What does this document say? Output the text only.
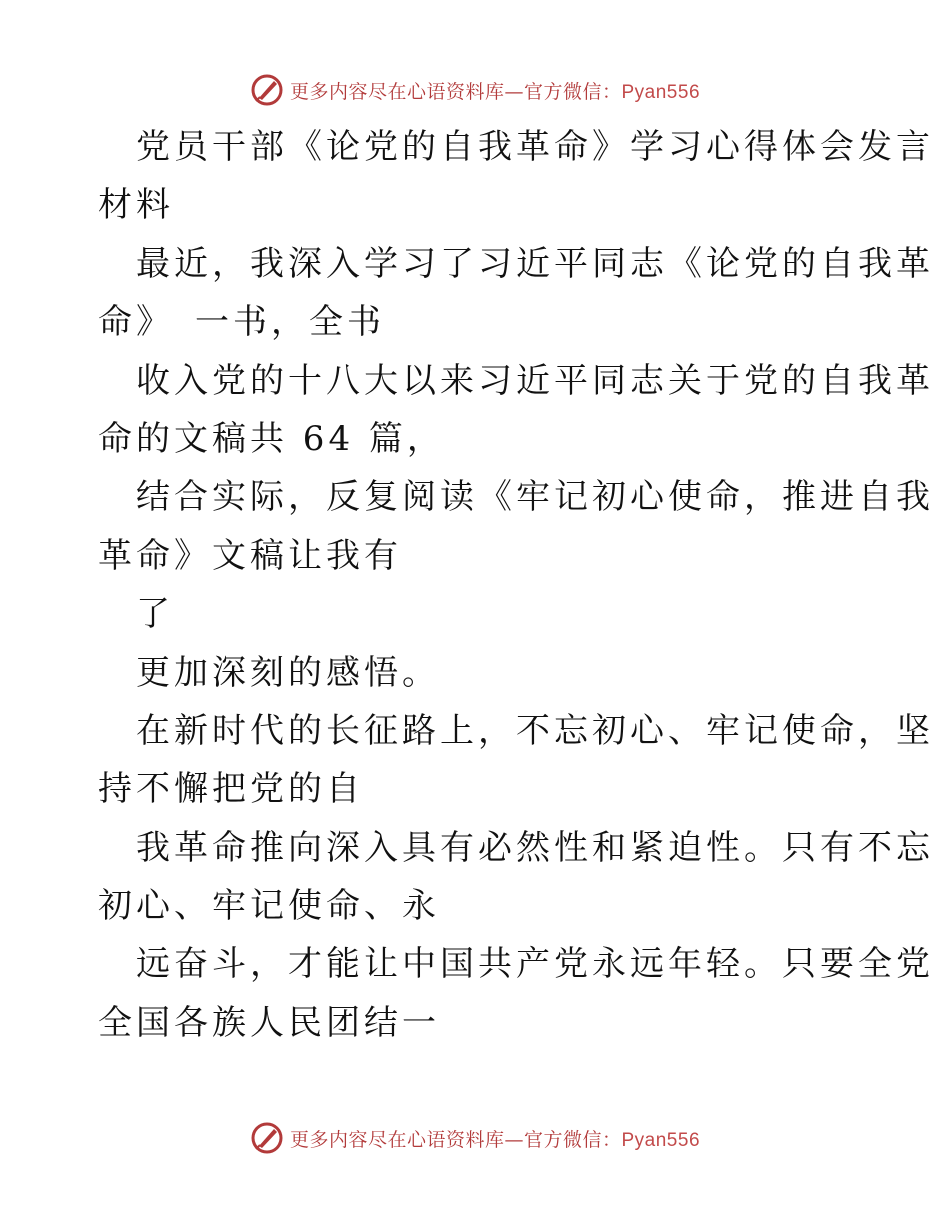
更多内容尽在心语资料库—官方微信：Pyan556
党员干部《论党的自我革命》学习心得体会发言
材料
最近，我深入学习了习近平同志《论党的自我革
命》　一书，全书
收入党的十八大以来习近平同志关于党的自我革
命的文稿共 64 篇，
结合实际，反复阅读《牢记初心使命，推进自我
革命》文稿让我有
了
更加深刻的感悟。
在新时代的长征路上，不忘初心、牢记使命，坚
持不懈把党的自
我革命推向深入具有必然性和紧迫性。只有不忘
初心、牢记使命、永
远奋斗，才能让中国共产党永远年轻。只要全党
全国各族人民团结一
更多内容尽在心语资料库—官方微信：Pyan556
